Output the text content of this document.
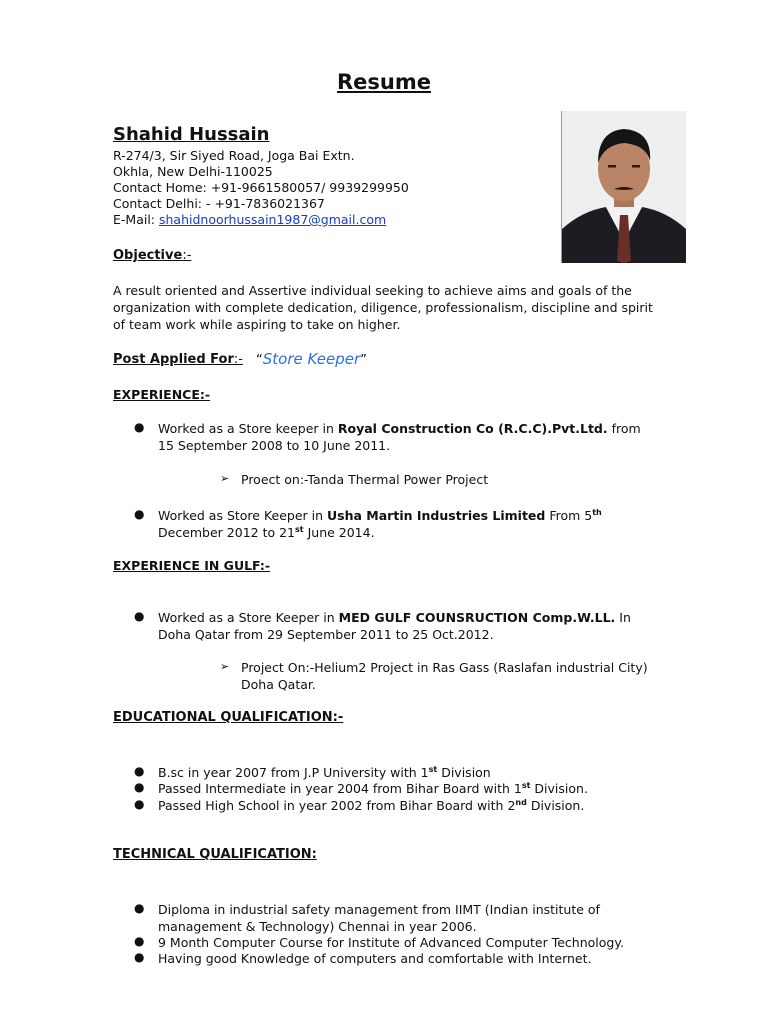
Resume
Shahid Hussain
R-274/3, Sir Siyed Road, Joga Bai Extn.
Okhla, New Delhi-110025
Contact Home: +91-9661580057/ 9939299950
Contact Delhi: - +91-7836021367
E-Mail: shahidnoorhussain1987@gmail.com
Objective:-
A result oriented and Assertive individual seeking to achieve aims and goals of the organization with complete dedication, diligence, professionalism, discipline and spirit of team work while aspiring to take on higher.
Post Applied For:- “Store Keeper”
EXPERIENCE:-
● Worked as a Store keeper in Royal Construction Co (R.C.C).Pvt.Ltd. from 15 September 2008 to 10 June 2011.
➢ Proect on:-Tanda Thermal Power Project
● Worked as Store Keeper in Usha Martin Industries Limited From 5th December 2012 to 21st June 2014.
EXPERIENCE IN GULF:-
● Worked as a Store Keeper in MED GULF COUNSRUCTION Comp.W.LL. In Doha Qatar from 29 September 2011 to 25 Oct.2012.
➢ Project On:-Helium2 Project in Ras Gass (Raslafan industrial City) Doha Qatar.
EDUCATIONAL QUALIFICATION:-
● B.sc in year 2007 from J.P University with 1st Division
● Passed Intermediate in year 2004 from Bihar Board with 1st Division.
● Passed High School in year 2002 from Bihar Board with 2nd Division.
TECHNICAL QUALIFICATION:
● Diploma in industrial safety management from IIMT (Indian institute of management & Technology) Chennai in year 2006.
● 9 Month Computer Course for Institute of Advanced Computer Technology.
● Having good Knowledge of computers and comfortable with Internet.
